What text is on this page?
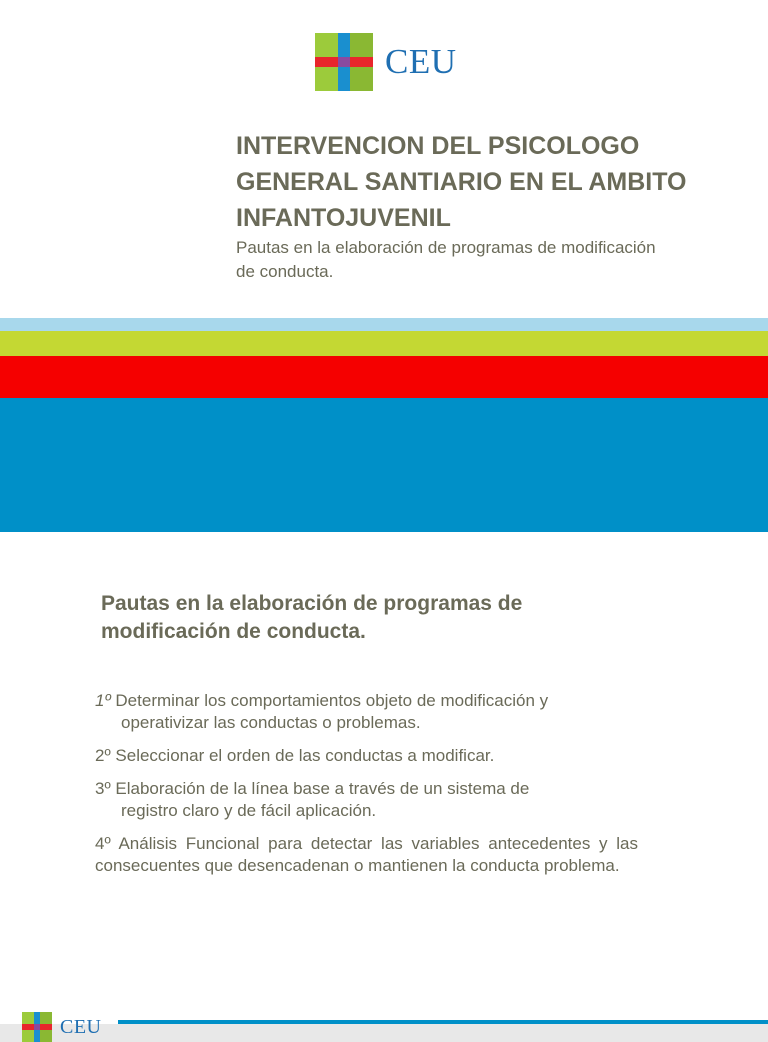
CEU
INTERVENCION DEL PSICOLOGO GENERAL SANTIARIO EN EL AMBITO INFANTOJUVENIL

Pautas en la elaboración de programas de modificación de conducta.

Pautas en la elaboración de programas de modificación de conducta.
1º Determinar los comportamientos objeto de modificación y
operativizar las conductas o problemas.
2º Seleccionar el orden de las conductas a modificar.
3º Elaboración de la línea base a través de un sistema de
registro claro y de fácil aplicación.
4º Análisis Funcional para detectar las variables antecedentes y las consecuentes que desencadenan o mantienen la conducta problema.
CEU
